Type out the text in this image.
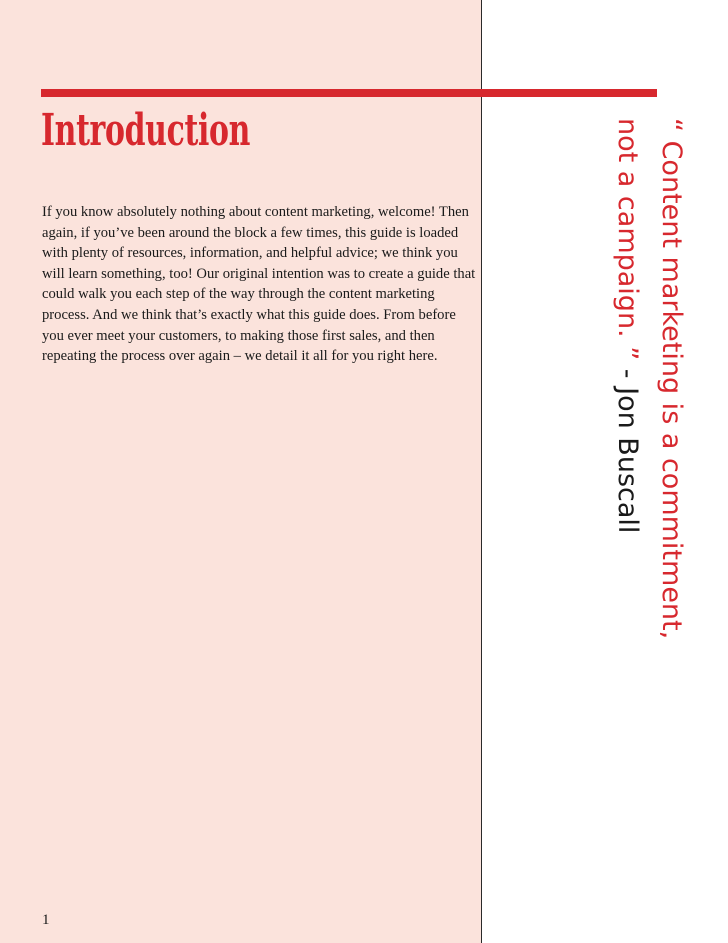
Introduction

If you know absolutely nothing about content marketing, welcome! Then again, if you’ve been around the block a few times, this guide is loaded with plenty of resources, information, and helpful advice; we think you will learn something, too! Our original intention was to create a guide that could walk you each step of the way through the content marketing process. And we think that’s exactly what this guide does. From before you ever meet your customers, to making those first sales, and then repeating the process over again – we detail it all for you right here.

1
“ Content marketing is a commitment,
not a campaign. ” - Jon Buscall
